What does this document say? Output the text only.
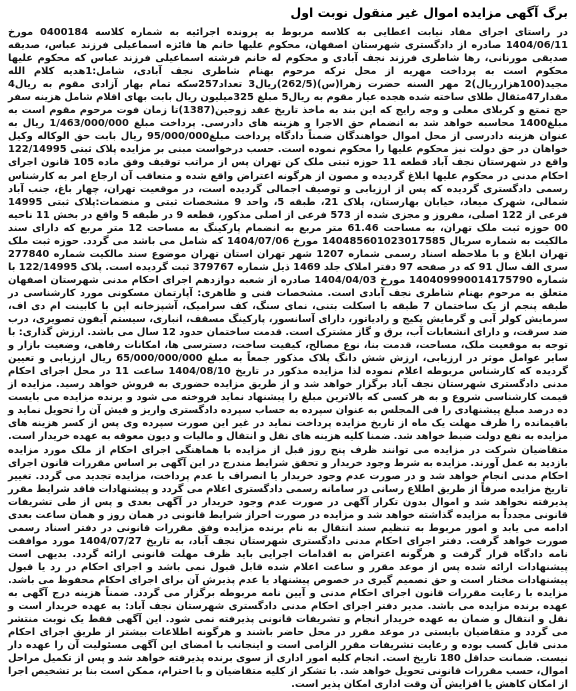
برگ آگهی مزایده اموال غیر منقول نوبت اول

در راستای اجرای مفاد نیابت اعطایی به کلاسه مربوط به پرونده اجرائیه به شماره کلاسه 0400184 مورخ 1404/06/11 صادره از دادگستری شهرستان اصفهان، محکوم علیها خانم ها فائزه اسماعیلی فرزند عباس، صدیقه صدیقی مورنانی، رها شاطری فرزند نجف آبادی و محکوم له خانم فرشته اسماعیلی فرزند عباس که محکوم علیها محکوم است به پرداخت مهریه از محل ترکه مرحوم بهنام شاطری نجف آبادی، شامل:1هدیه کلام الله مجید(100هزارریال)2 مهر السنه حضرت زهرا(س)(262/5)ریال3 تعداد257سکه تمام بهار آزادی مقوم به ریال4 مقدار47مثقال طلای ساخته شده هجده عیار مقوم به ریال5 مبلغ 325میلیون ریال بابت بهای اقلام شامل هزینه سفر حج تمتع و کربلای معلی و وجه رایج که این بند به ماخذ تاریخ عقد زوجین(1387)تا زمان فوت مرحوم مقوم است به مبلغ1400 محاسبه خواهد شد به انضمام حق الاجرا و هزینه های دادرسی. پرداخت مبلغ 1/463/000/000 ریال به عنوان هزینه دادرسی از محل اموال خواهندگان ضمناً دادگاه پرداخت مبلغ95/000/000 ریال بابت حق الوکاله وکیل خواهان در حق دولت نیز محکوم علیها را محکوم نموده است. حسب درخواست مبنی بر مزایده پلاک ثبتی 122/14995 واقع در شهرستان نجف آباد قطعه 11 حوزه ثبتی ملک کن تهران پس از مراتب توقیف وفق ماده 105 قانون اجرای احکام مدنی در محکوم علیها ابلاغ گردیده و مصون از هرگونه اعتراض واقع شده و متعاقب آن ارجاع امر به کارشناس رسمی دادگستری گردیده که پس از ارزیابی و توصیف اجمالی گردیده است، در موقعیت تهران، چهار باغ، جنب آباد شمالی، شهرک میعاد، خیابان بهارستان، پلاک 21، طبقه 5، واحد 9 مشخصات ثبتی و منضمات:پلاک ثبتی 14995 فرعی از 122 اصلی، مفروز و مجزی شده از 573 فرعی از اصلی مذکور، قطعه 9 در طبقه 5 واقع در بخش 11 ناحیه 00 حوزه ثبت ملک تهران، به مساحت 61.46 متر مربع به انضمام پارکینگ به مساحت 12 متر مربع که دارای سند مالکیت به شماره سریال 140485601023017585 مورخ 1404/07/06 که شامل می باشد می گردد. حوزه ثبت ملک تهران ابلاغ و با ملاحظه اسناد رسمی شماره 1207 شهر تهران استان تهران موضوع سند مالکیت شماره 277840 سری الف سال 91 که در صفحه 97 دفتر املاک جلد 1469 ذیل شماره 379767 ثبت گردیده است. پلاک 122/14995 با شماره 140409990014175790 مورخ 1404/04/03 صادره از شعبه دوازدهم اجرای احکام مدنی شهرستان اصفهان متعلق به مرحوم بهنام شاطری نجف آبادی است. مشخصات فنی و ظاهری: آپارتمان مسکونی مورد کارشناسی در طبقه پنجم از یک ساختمان 7 طبقه با اسکلت بتنی، نمای سنگ، کف سرامیک، آشپزخانه اپن با کابینت ام دی اف، سرمایش کولر آبی و گرمایش پکیج و رادیاتور، دارای آسانسور، پارکینگ مسقف، انباری، سیستم آیفون تصویری، درب ضد سرقت، و دارای انشعابات آب، برق و گاز مشترک است. قدمت ساختمان حدود 12 سال می باشد. ارزش گذاری: با توجه به موقعیت ملک، مساحت، قدمت بنا، نوع مصالح، کیفیت ساخت، دسترسی ها، امکانات رفاهی، وضعیت بازار و سایر عوامل موثر در ارزیابی، ارزش شش دانگ پلاک مذکور جمعاً به مبلغ 65/000/000/000 ریال ارزیابی و تعیین گردیده که کارشناس مربوطه اعلام نموده لذا مزایده مذکور در تاریخ 1404/08/10 ساعت 11 در محل اجرای احکام مدنی دادگستری شهرستان نجف آباد برگزار خواهد شد و از طریق مزایده حضوری به فروش خواهد رسید. مزایده از قیمت کارشناسی شروع و به هر کسی که بالاترین مبلغ را پیشنهاد نماید فروخته می شود و برنده مزایده می بایست ده درصد مبلغ پیشنهادی را فی المجلس به عنوان سپرده به حساب سپرده دادگستری واریز و فیش آن را تحویل نماید و باقیمانده را ظرف مهلت یک ماه از تاریخ مزایده پرداخت نماید در غیر این صورت سپرده وی پس از کسر هزینه های مزایده به نفع دولت ضبط خواهد شد. ضمنا کلیه هزینه های نقل و انتقال و مالیات و دیون معوقه به عهده خریدار است. متقاضیان شرکت در مزایده می توانند ظرف پنج روز قبل از مزایده با هماهنگی اجرای احکام از ملک مورد مزایده بازدید به عمل آورند. مزایده به شرط وجود خریدار و تحقق شرایط مندرج در این آگهی بر اساس مقررات قانون اجرای احکام مدنی انجام خواهد شد و در صورت عدم وجود خریدار یا انصراف یا عدم پرداخت، مزایده تجدید می گردد. تغییر تاریخ مزایده صرفاً از طریق اطلاع رسانی در سامانه رسمی دادگستری اعلام می گردد و پیشنهادات فاقد شرایط مقرر پذیرفته نخواهد شد و اموال بدون تکرار آگهی در صورت عدم وجود خریدار در آگهی بعدی و پس از طی تشریفات قانونی مجدداً به مزایده گذاشته خواهد شد و مزایده در صورت احراز شرایط قانونی در همان روز و همان ساعت بعدی ادامه می یابد و امور مربوط به تنظیم سند انتقال به نام برنده مزایده وفق مقررات قانونی در دفتر اسناد رسمی صورت خواهد گرفت. دفتر اجرای احکام مدنی دادگستری شهرستان نجف آباد، به تاریخ 1404/07/27 مورد موافقت نامه دادگاه قرار گرفت و هرگونه اعتراض به اقدامات اجرایی باید ظرف مهلت قانونی ارائه گردد. بدیهی است پیشنهادات ارائه شده پس از موعد مقرر و ساعت اعلام شده قابل قبول نمی باشد و اجرای احکام در رد یا قبول پیشنهادات مختار است و حق تصمیم گیری در خصوص پیشنهاد یا عدم پذیرش آن برای اجرای احکام محفوظ می باشد. مزایده با رعایت مقررات قانون اجرای احکام مدنی و آیین نامه مربوطه برگزار می گردد. ضمناً هزینه درج آگهی به عهده برنده مزایده می باشد. مدیر دفتر اجرای احکام مدنی دادگستری شهرستان نجف آباد: به عهده خریدار است و نقل و انتقال و ضمان به عهده خریدار انجام و تشریفات قانونی پذیرفته نمی شود. این آگهی فقط یک نوبت منتشر می گردد و متقاضیان بایستی در موعد مقرر در محل حاضر باشند و هرگونه اطلاعات بیشتر از طریق اجرای احکام مدنی قابل کسب بوده و رعایت تشریفات مقرر الزامی است و اینجانب با امضای این آگهی مسئولیت آن را عهده دار نیست. ضمانت حداقل 180 تاریخ است. انجام کلیه امور اداری از سوی برنده پذیرفته خواهد شد و پس از تکمیل مراحل اموال، حسب مقررات قانونی تحویل خواهد شد. با تشکر از کلیه متقاضیان و با احترام، ممکن است بنا بر تشخیص اجرا از امکان کاهش یا افزایش آن وقت اداری امکان پذیر است.
